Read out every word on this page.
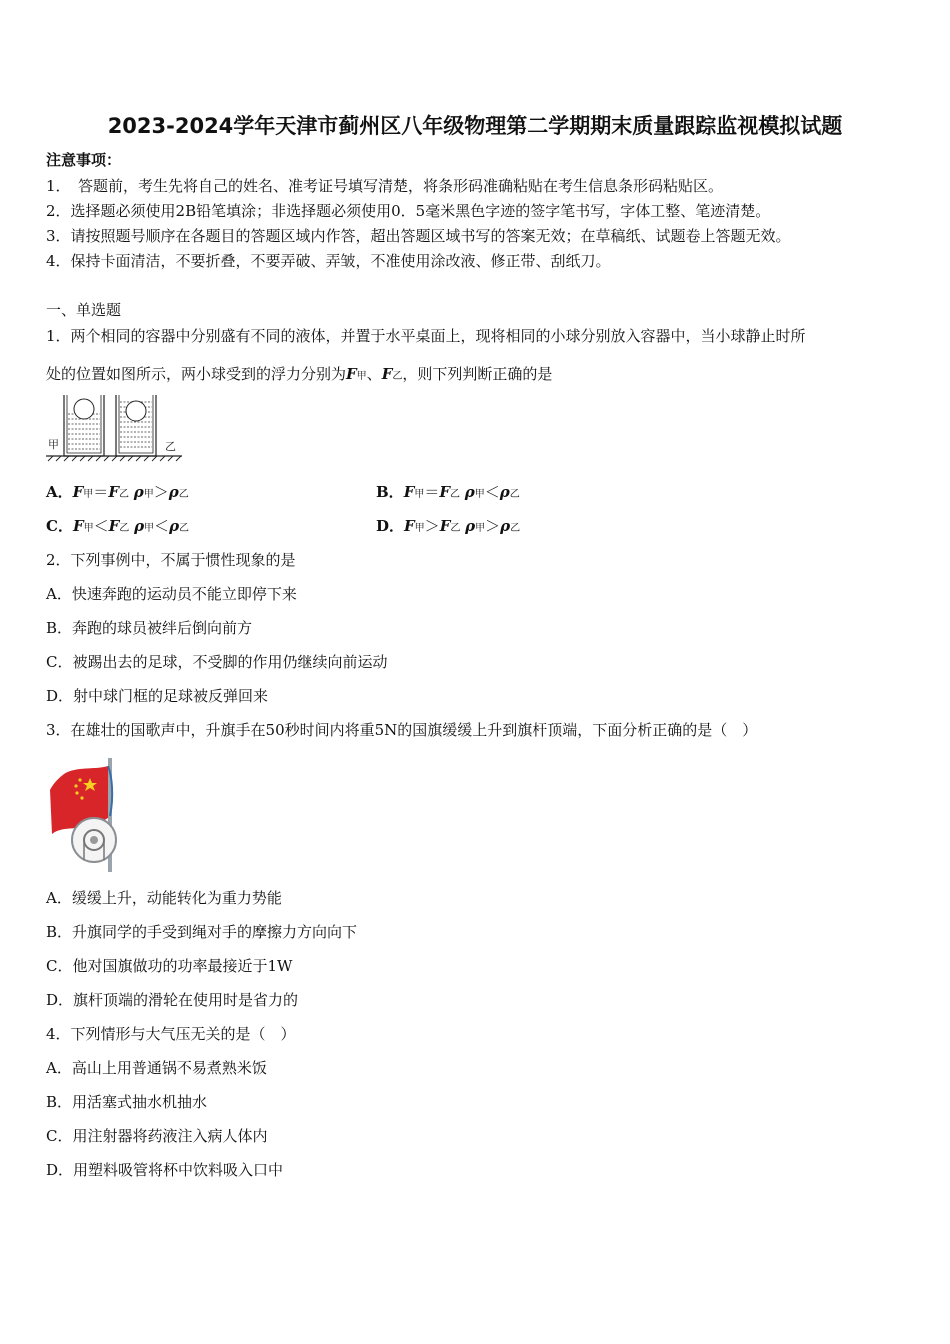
2023-2024学年天津市蓟州区八年级物理第二学期期末质量跟踪监视模拟试题
注意事项：
1．　答题前，考生先将自己的姓名、准考证号填写清楚，将条形码准确粘贴在考生信息条形码粘贴区。
2．选择题必须使用2B铅笔填涂；非选择题必须使用0．5毫米黑色字迹的签字笔书写，字体工整、笔迹清楚。
3．请按照题号顺序在各题目的答题区域内作答，超出答题区域书写的答案无效；在草稿纸、试题卷上答题无效。
4．保持卡面清洁，不要折叠，不要弄破、弄皱，不准使用涂改液、修正带、刮纸刀。
一、单选题
1．两个相同的容器中分别盛有不同的液体，并置于水平桌面上，现将相同的小球分别放入容器中，当小球静止时所
处的位置如图所示，两小球受到的浮力分别为F甲、F乙，则下列判断正确的是
甲	乙
A．F甲＝F乙 ρ甲＞ρ乙	B．F甲＝F乙 ρ甲＜ρ乙
C．F甲＜F乙 ρ甲＜ρ乙	D．F甲＞F乙 ρ甲＞ρ乙
2．下列事例中，不属于惯性现象的是
A．快速奔跑的运动员不能立即停下来
B．奔跑的球员被绊后倒向前方
C．被踢出去的足球，不受脚的作用仍继续向前运动
D．射中球门框的足球被反弹回来
3．在雄壮的国歌声中，升旗手在50秒时间内将重5N的国旗缓缓上升到旗杆顶端，下面分析正确的是（　）
A．缓缓上升，动能转化为重力势能
B．升旗同学的手受到绳对手的摩擦力方向向下
C．他对国旗做功的功率最接近于1W
D．旗杆顶端的滑轮在使用时是省力的
4．下列情形与大气压无关的是（　）
A．高山上用普通锅不易煮熟米饭
B．用活塞式抽水机抽水
C．用注射器将药液注入病人体内
D．用塑料吸管将杯中饮料吸入口中
